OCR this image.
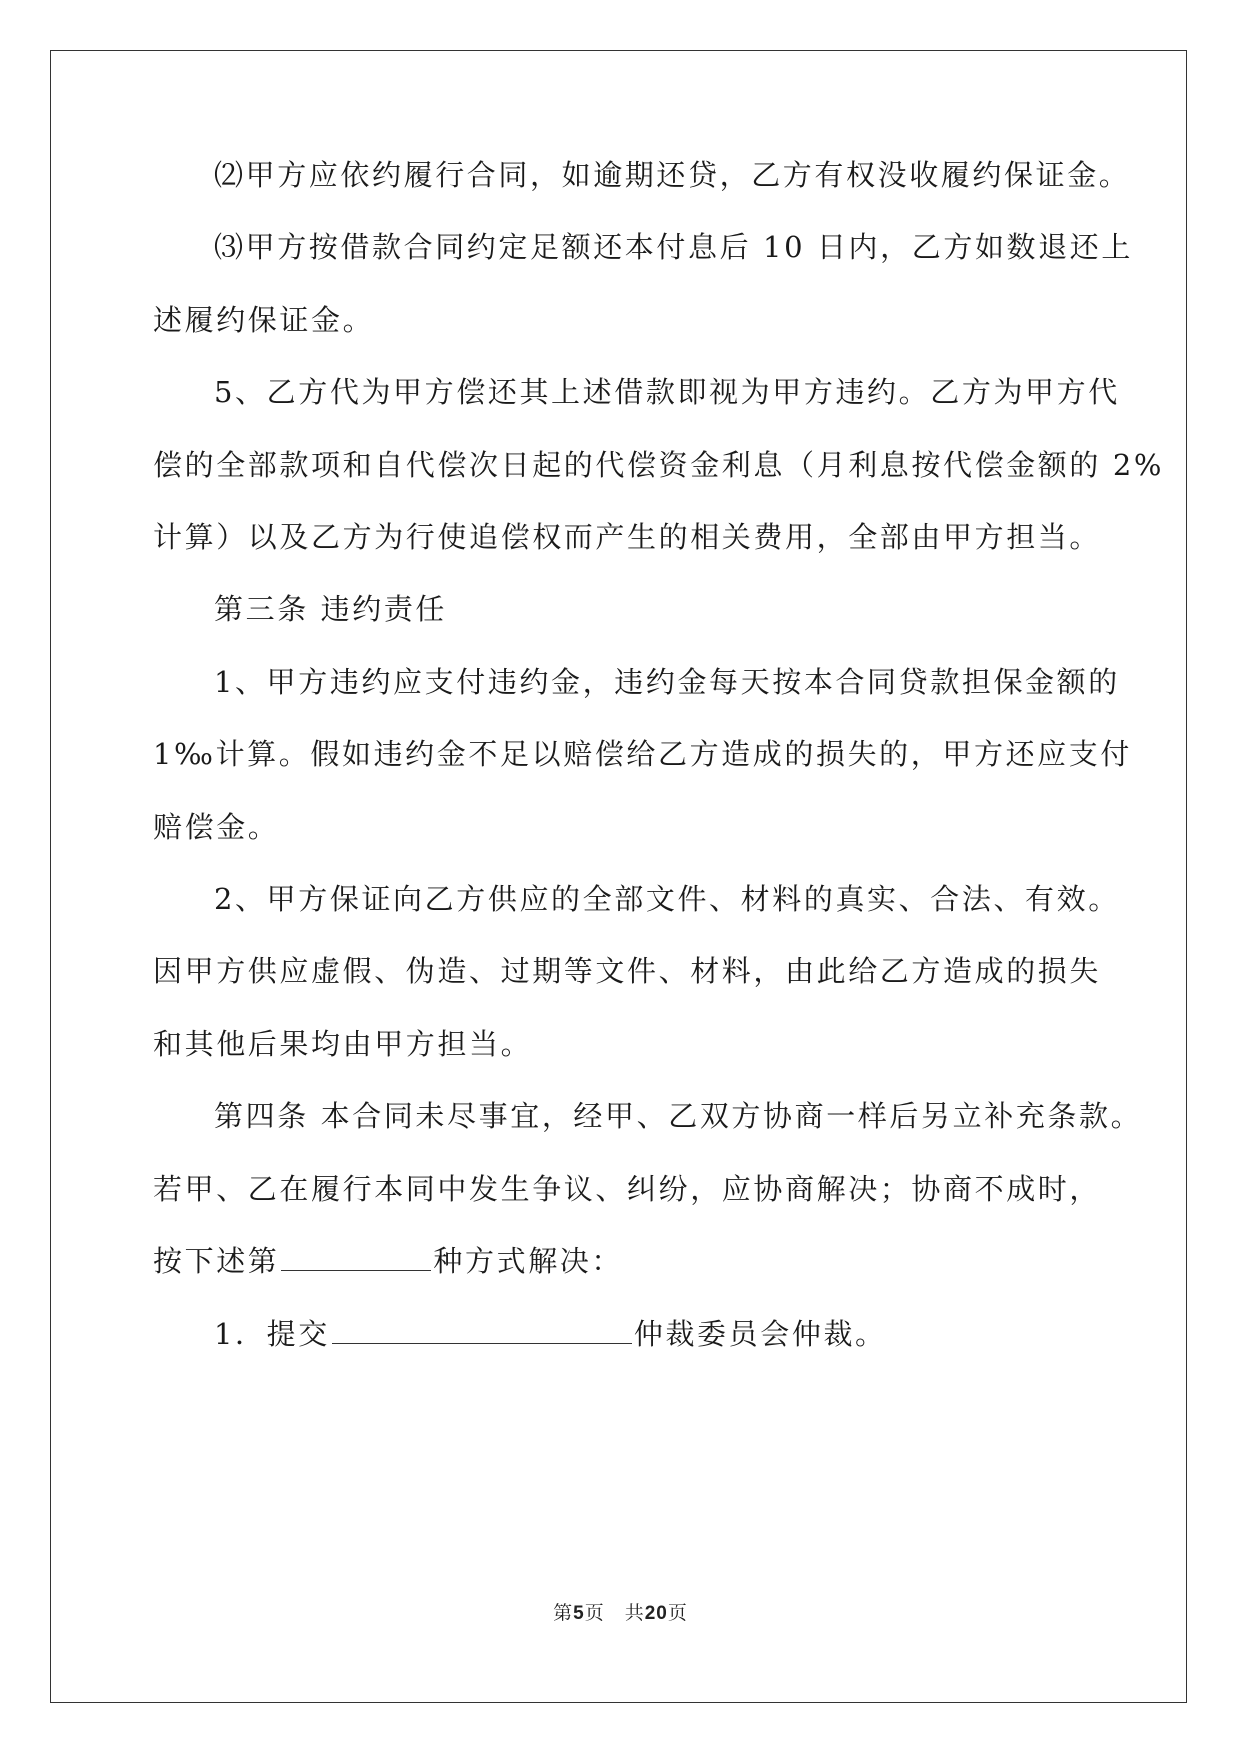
⑵甲方应依约履行合同，如逾期还贷，乙方有权没收履约保证金。
⑶甲方按借款合同约定足额还本付息后 10 日内，乙方如数退还上
述履约保证金。
5、乙方代为甲方偿还其上述借款即视为甲方违约。乙方为甲方代
偿的全部款项和自代偿次日起的代偿资金利息（月利息按代偿金额的 2%
计算）以及乙方为行使追偿权而产生的相关费用，全部由甲方担当。
第三条 违约责任
1、甲方违约应支付违约金，违约金每天按本合同贷款担保金额的
1‰计算。假如违约金不足以赔偿给乙方造成的损失的，甲方还应支付
赔偿金。
2、甲方保证向乙方供应的全部文件、材料的真实、合法、有效。
因甲方供应虚假、伪造、过期等文件、材料，由此给乙方造成的损失
和其他后果均由甲方担当。
第四条 本合同未尽事宜，经甲、乙双方协商一样后另立补充条款。
若甲、乙在履行本同中发生争议、纠纷，应协商解决；协商不成时，
按下述第	种方式解决：
1．提交	仲裁委员会仲裁。
第5页 共20页
